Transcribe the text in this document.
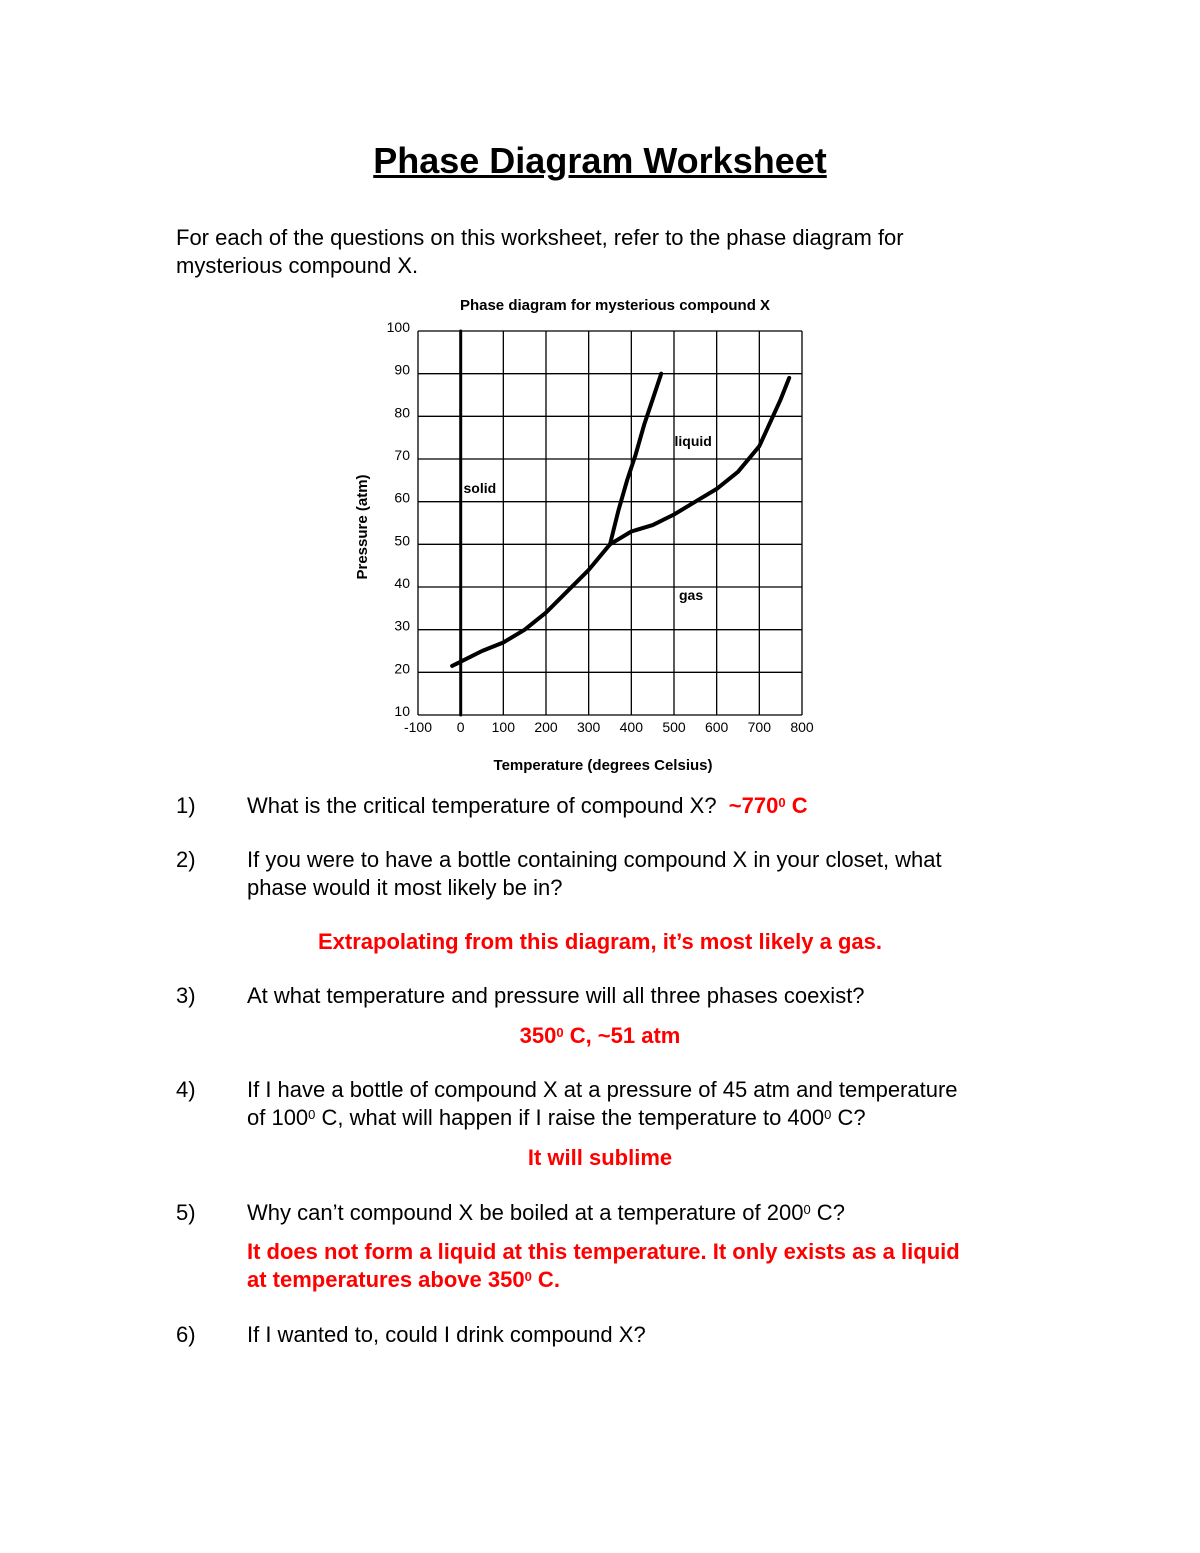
Phase Diagram Worksheet
For each of the questions on this worksheet, refer to the phase diagram for mysterious compound X.
Phase diagram for mysterious compound X
Temperature (degrees Celsius)
Pressure (atm)
-100 0 100 200 300 400 500 600 700 800
100
90
80
70
60
50
40
30
20
10
solid
liquid
gas
1)	What is the critical temperature of compound X? $\sim 770^0$ C
2)	If you were to have a bottle containing compound X in your closet, what
phase would it most likely be in?
Extrapolating from this diagram, it’s most likely a gas.
3)	At what temperature and pressure will all three phases coexist?
$350^0$ C, ~51 atm
4)	If I have a bottle of compound X at a pressure of 45 atm and temperature
of $100^0$ C, what will happen if I raise the temperature to $400^0$ C?
It will sublime
5)	Why can’t compound X be boiled at a temperature of $200^0$ C?
It does not form a liquid at this temperature. It only exists as a liquid
at temperatures above $350^0$ C.
6)	If I wanted to, could I drink compound X?
